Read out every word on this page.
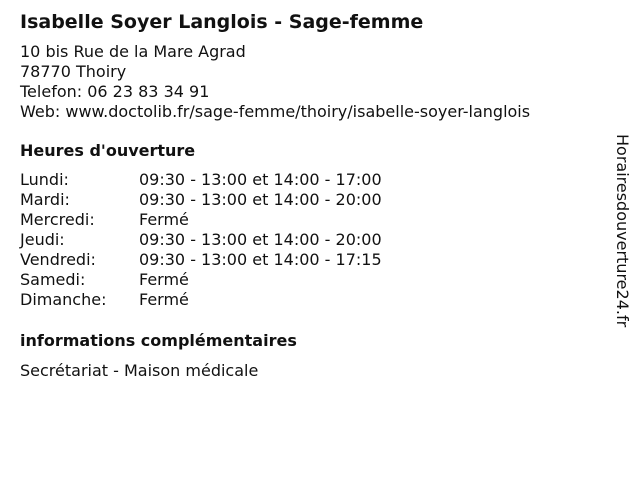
Isabelle Soyer Langlois - Sage-femme
10 bis Rue de la Mare Agrad
78770 Thoiry
Telefon: 06 23 83 34 91
Web: www.doctolib.fr/sage-femme/thoiry/isabelle-soyer-langlois
Heures d'ouverture
Lundi:	09:30 - 13:00 et 14:00 - 17:00
Mardi:	09:30 - 13:00 et 14:00 - 20:00
Mercredi:	Fermé
Jeudi:	09:30 - 13:00 et 14:00 - 20:00
Vendredi:	09:30 - 13:00 et 14:00 - 17:15
Samedi:	Fermé
Dimanche:	Fermé
informations complémentaires
Secrétariat - Maison médicale
Horairesdouverture24.fr
